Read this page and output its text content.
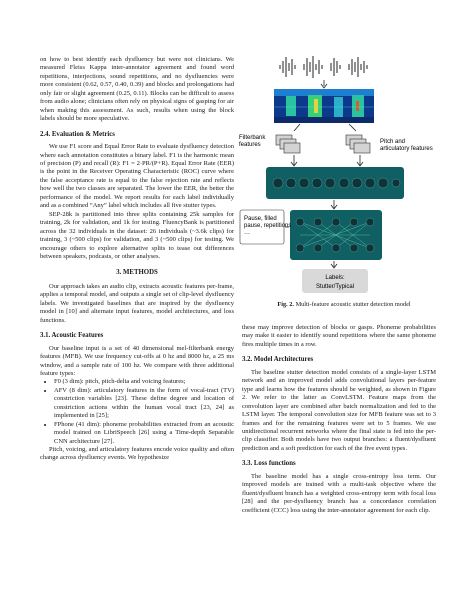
on how to best identify each dysfluency but were not clinicians. We measured Fleiss Kappa inter-annotator agreement and found word repetitions, interjections, sound repetitions, and no dysfluencies were more consistent (0.62, 0.57, 0.40, 0.39) and blocks and prolongations had only fair or slight agreement (0.25, 0.11). Blocks can be difficult to assess from audio alone; clinicians often rely on physical signs of gasping for air when making this assessment. As such, results when using the block labels should be more speculative.

2.4. Evaluation & Metrics

We use F1 score and Equal Error Rate to evaluate dysfluency detection where each annotation constitutes a binary label. F1 is the harmonic mean of precision (P) and recall (R): F1 = 2·PR/(P+R). Equal Error Rate (EER) is the point in the Receiver Operating Characteristic (ROC) curve where the false acceptance rate is equal to the false rejection rate and reflects how well the two classes are separated. The lower the EER, the better the performance of the model. We report results for each label individually and as a combined “Any” label which includes all five stutter types.

SEP-28k is partitioned into three splits containing 25k samples for training, 2k for validation, and 1k for testing. FluencyBank is partitioned across the 32 individuals in the dataset: 26 individuals (~3.6k clips) for training, 3 (~500 clips) for validation, and 3 (~500 clips) for testing. We encourage others to explore alternative splits to tease out differences between speakers, podcasts, or other analyses.

3. METHODS

Our approach takes an audio clip, extracts acoustic features per-frame, applies a temporal model, and outputs a single set of clip-level dysfluency labels. We investigated baselines that are inspired by the dysfluency model in [10] and alternate input features, model architectures, and loss functions.

3.1. Acoustic Features

Our baseline input is a set of 40 dimensional mel-filterbank energy features (MFB). We use frequency cut-offs at 0 hz and 8000 hz, a 25 ms window, and a sample rate of 100 hz. We compare with three additional feature types:

• F0 (3 dim): pitch, pitch-delta and voicing features;
• AFV (8 dim): articulatory features in the form of vocal-tract (TV) constriction variables [23]. These define degree and location of constriction actions within the human vocal tract [23, 24] as implemented in [25];
• FPhone (41 dim): phoneme probabilities extracted from an acoustic model trained on LibriSpeech [26] using a Time-depth Separable CNN architecture [27].

Pitch, voicing, and articulatory features encode voice quality and often change across dysfluency events. We hypothesize

Filterbank features	Pitch and articulatory features
Pause, filled pause, repetitions …
Labels:
Stutter/Typical
Fig. 2. Multi-feature acoustic stutter detection model

these may improve detection of blocks or gasps. Phoneme probabilities may make it easier to identify sound repetitions where the same phoneme fires multiple times in a row.

3.2. Model Architectures

The baseline stutter detection model consists of a single-layer LSTM network and an improved model adds convolutional layers per-feature type and learns how the features should be weighted, as shown in Figure 2. We refer to the latter as ConvLSTM. Feature maps from the convolution layer are combined after batch normalization and fed to the LSTM layer. The temporal convolution size for MFB feature was set to 3 frames and for the remaining features were set to 5 frames. We use unidirectional recurrent networks where the final state is fed into the per-clip classifier. Both models have two output branches: a fluent/dysfluent prediction and a soft prediction for each of the five event types.

3.3. Loss functions

The baseline model has a single cross-entropy loss term. Our improved models are trained with a multi-task objective where the fluent/dysfluent branch has a weighted cross-entropy term with focal loss [28] and the per-dysfluency branch has a concordance correlation coefficient (CCC) loss using the inter-annotator agreement for each clip.
